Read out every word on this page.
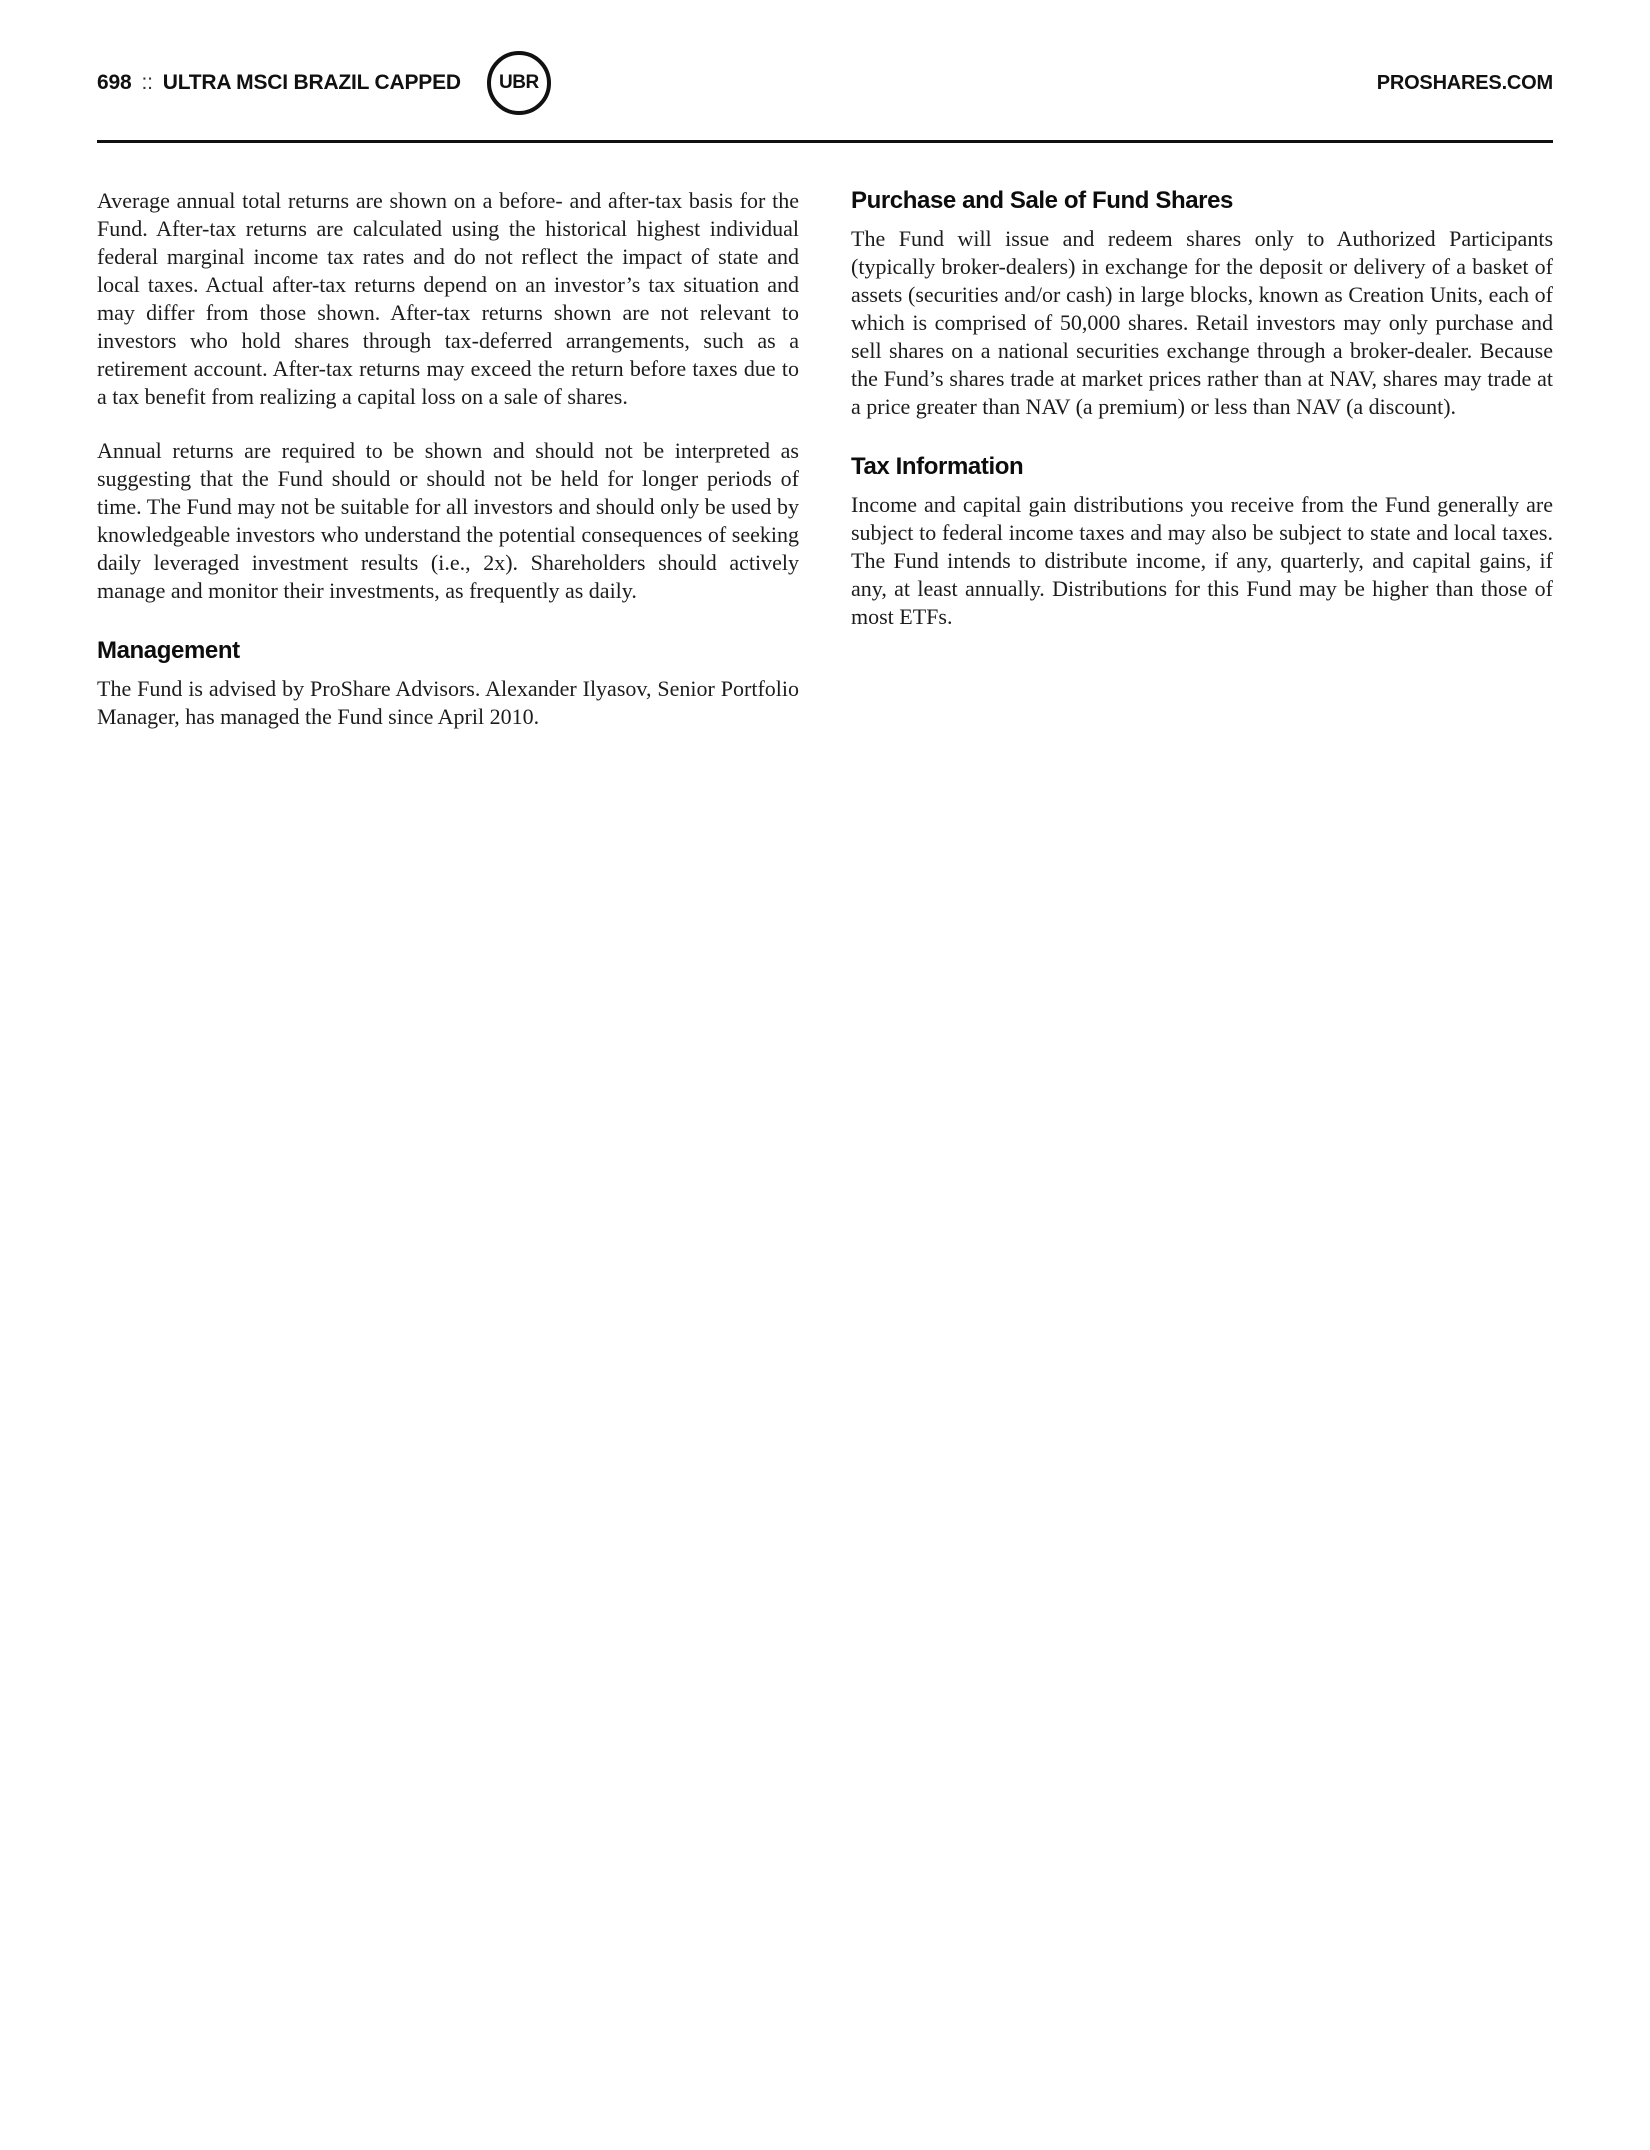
698 :: ULTRA MSCI BRAZIL CAPPED UBR	PROSHARES.COM

Average annual total returns are shown on a before- and after-tax basis for the Fund. After-tax returns are calculated using the historical highest individual federal marginal income tax rates and do not reflect the impact of state and local taxes. Actual after-tax returns depend on an investor’s tax situation and may differ from those shown. After-tax returns shown are not relevant to investors who hold shares through tax-deferred arrangements, such as a retirement account. After-tax returns may exceed the return before taxes due to a tax benefit from realizing a capital loss on a sale of shares.

Annual returns are required to be shown and should not be interpreted as suggesting that the Fund should or should not be held for longer periods of time. The Fund may not be suitable for all investors and should only be used by knowledgeable investors who understand the potential consequences of seeking daily leveraged investment results (i.e., 2x). Shareholders should actively manage and monitor their investments, as frequently as daily.

Management

The Fund is advised by ProShare Advisors. Alexander Ilyasov, Senior Portfolio Manager, has managed the Fund since April 2010.

Purchase and Sale of Fund Shares

The Fund will issue and redeem shares only to Authorized Participants (typically broker-dealers) in exchange for the deposit or delivery of a basket of assets (securities and/or cash) in large blocks, known as Creation Units, each of which is comprised of 50,000 shares. Retail investors may only purchase and sell shares on a national securities exchange through a broker-dealer. Because the Fund’s shares trade at market prices rather than at NAV, shares may trade at a price greater than NAV (a premium) or less than NAV (a discount).

Tax Information

Income and capital gain distributions you receive from the Fund generally are subject to federal income taxes and may also be subject to state and local taxes. The Fund intends to distribute income, if any, quarterly, and capital gains, if any, at least annually. Distributions for this Fund may be higher than those of most ETFs.
